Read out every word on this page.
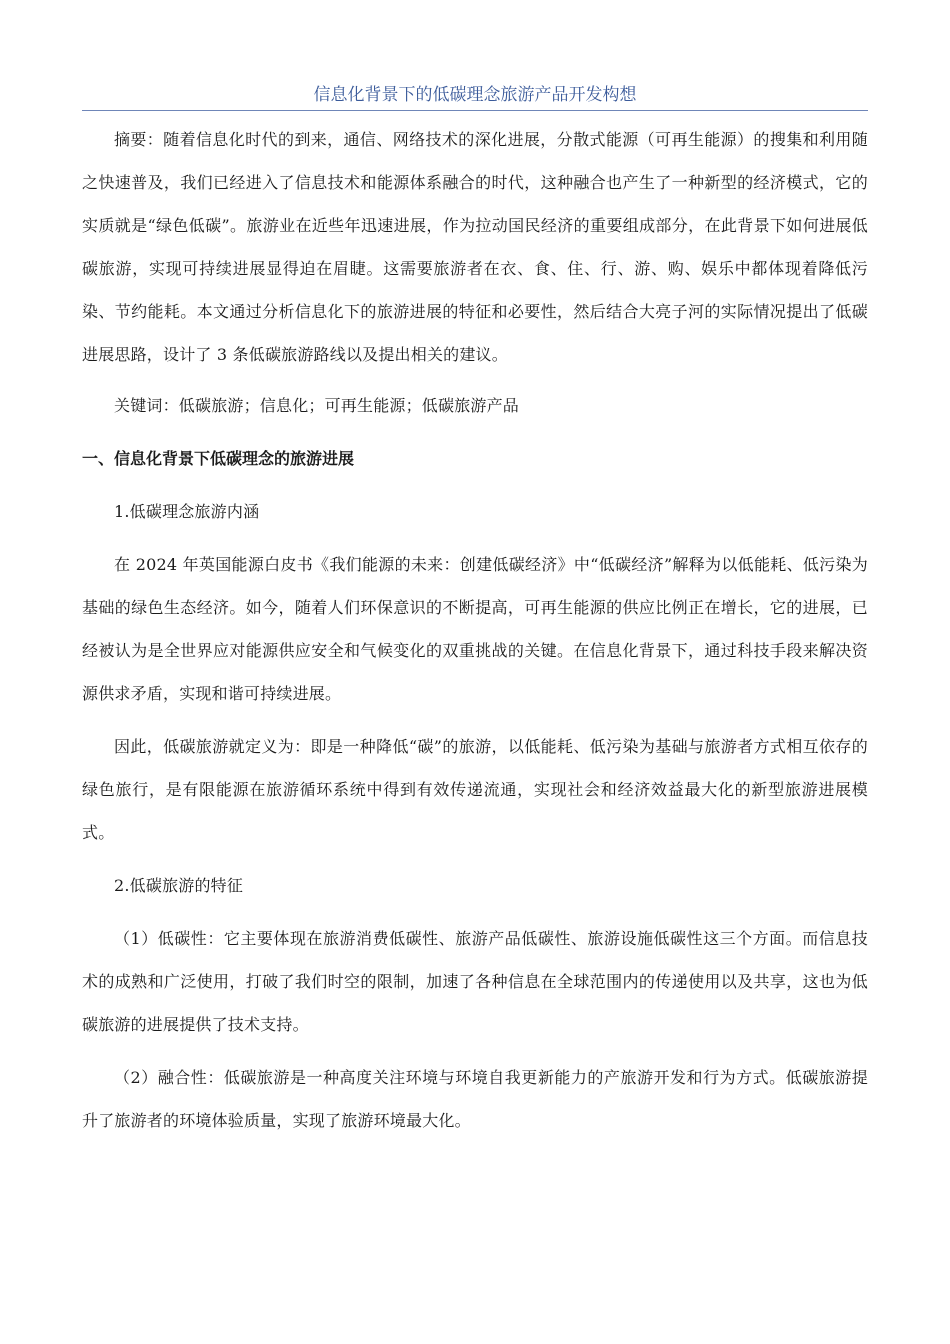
信息化背景下的低碳理念旅游产品开发构想

摘要：随着信息化时代的到来，通信、网络技术的深化进展，分散式能源（可再生能源）的搜集和利用随之快速普及，我们已经进入了信息技术和能源体系融合的时代，这种融合也产生了一种新型的经济模式，它的实质就是“绿色低碳”。旅游业在近些年迅速进展，作为拉动国民经济的重要组成部分，在此背景下如何进展低碳旅游，实现可持续进展显得迫在眉睫。这需要旅游者在衣、食、住、行、游、购、娱乐中都体现着降低污染、节约能耗。本文通过分析信息化下的旅游进展的特征和必要性，然后结合大亮子河的实际情况提出了低碳进展思路，设计了 3 条低碳旅游路线以及提出相关的建议。

关键词：低碳旅游；信息化；可再生能源；低碳旅游产品

一、信息化背景下低碳理念的旅游进展

1.低碳理念旅游内涵

在 2024 年英国能源白皮书《我们能源的未来：创建低碳经济》中“低碳经济”解释为以低能耗、低污染为基础的绿色生态经济。如今，随着人们环保意识的不断提高，可再生能源的供应比例正在增长，它的进展，已经被认为是全世界应对能源供应安全和气候变化的双重挑战的关键。在信息化背景下，通过科技手段来解决资源供求矛盾，实现和谐可持续进展。

因此，低碳旅游就定义为：即是一种降低“碳”的旅游，以低能耗、低污染为基础与旅游者方式相互依存的绿色旅行，是有限能源在旅游循环系统中得到有效传递流通，实现社会和经济效益最大化的新型旅游进展模式。

2.低碳旅游的特征

（1）低碳性：它主要体现在旅游消费低碳性、旅游产品低碳性、旅游设施低碳性这三个方面。而信息技术的成熟和广泛使用，打破了我们时空的限制，加速了各种信息在全球范围内的传递使用以及共享，这也为低碳旅游的进展提供了技术支持。

（2）融合性：低碳旅游是一种高度关注环境与环境自我更新能力的产旅游开发和行为方式。低碳旅游提升了旅游者的环境体验质量，实现了旅游环境最大化。
